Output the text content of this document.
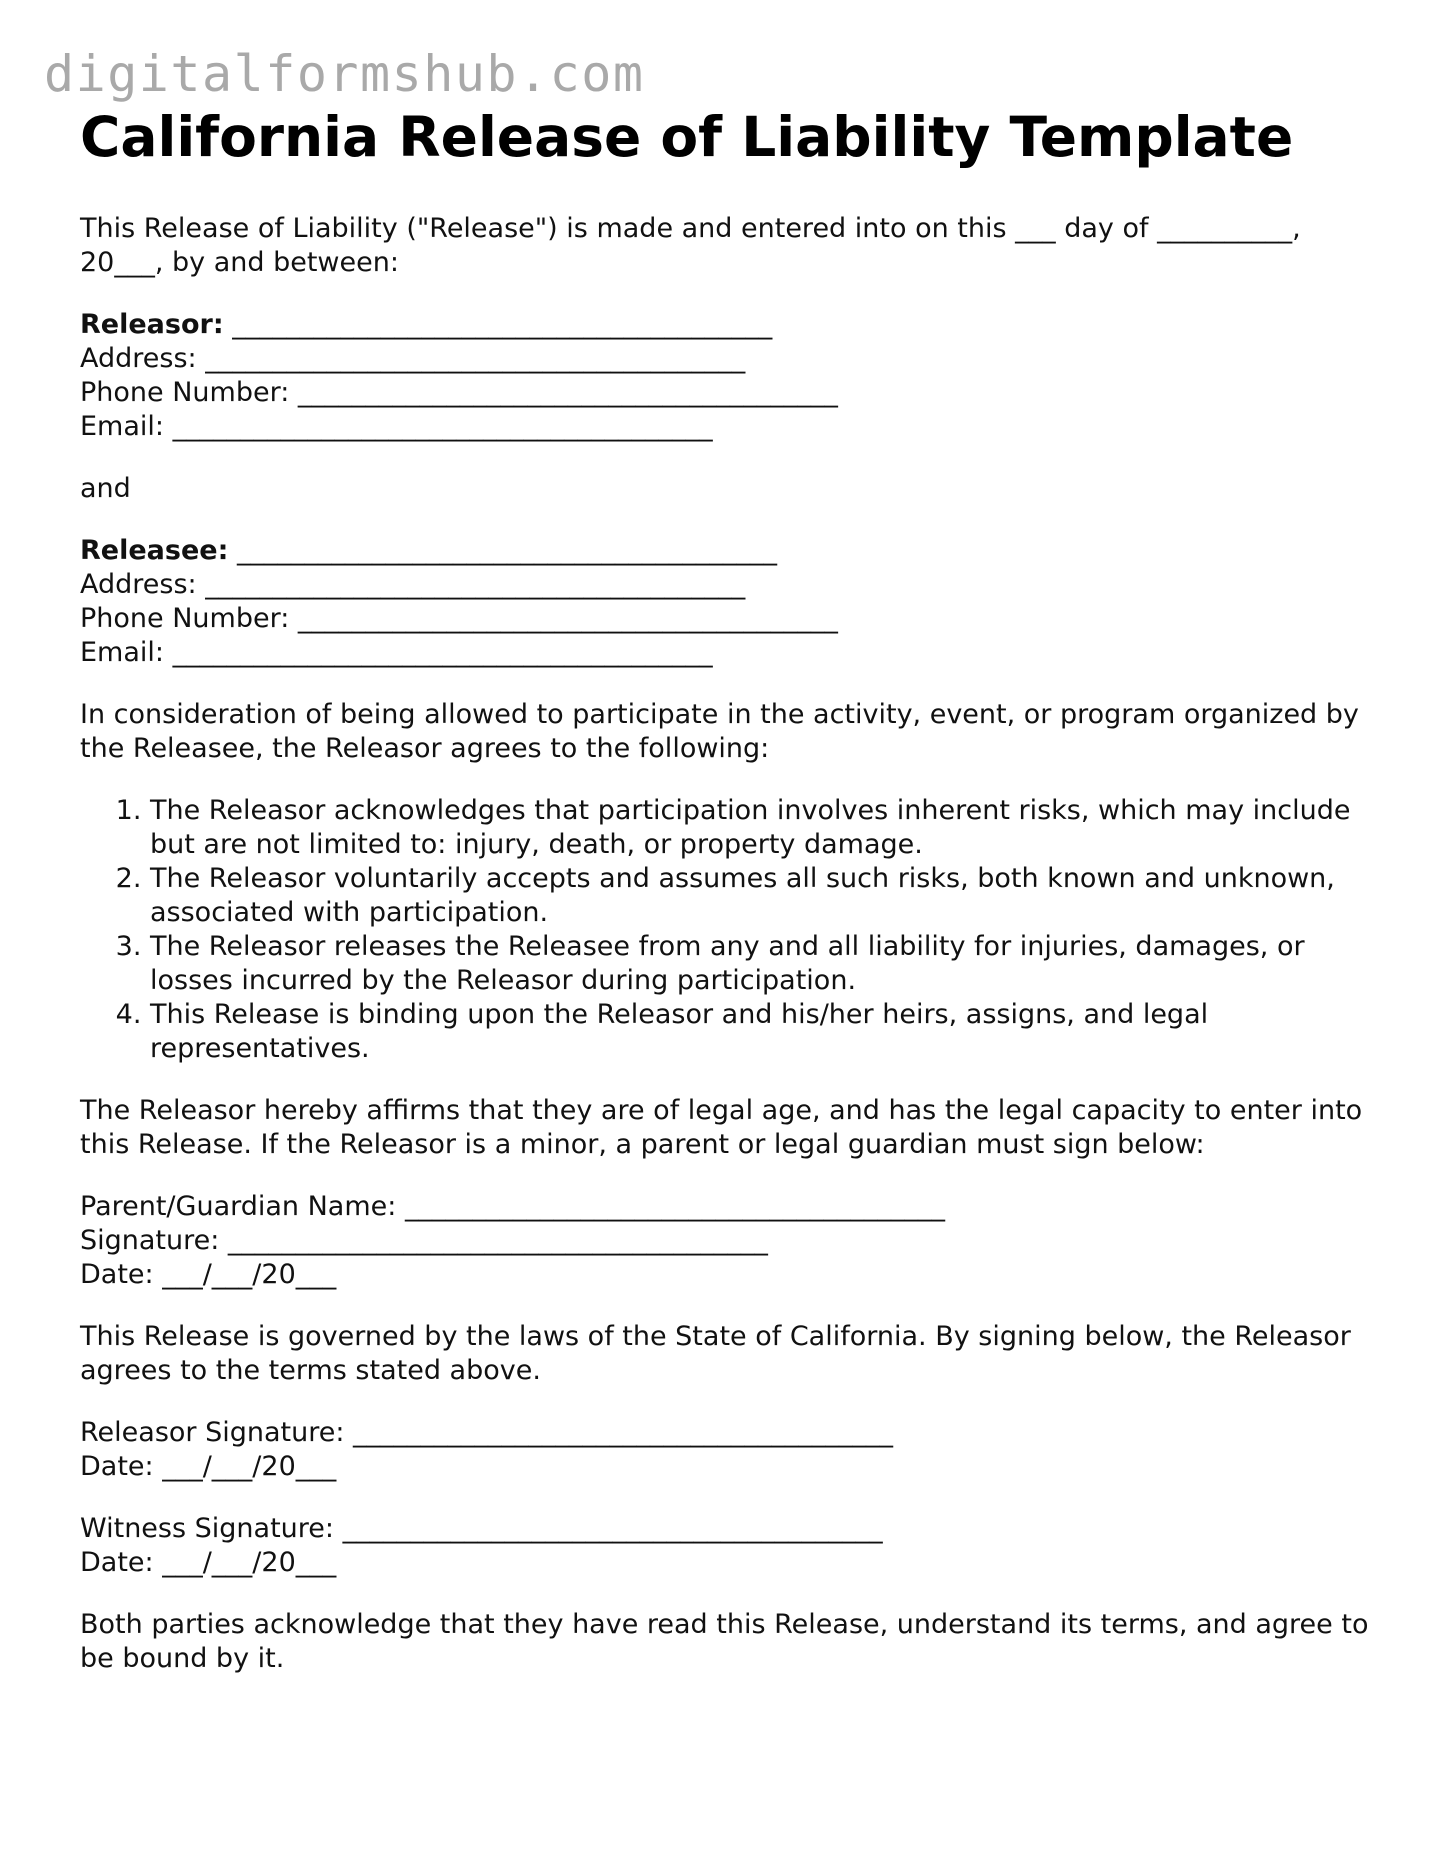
digitalformshub.com
California Release of Liability Template
This Release of Liability ("Release") is made and entered into on this ___ day of __________, 20___, by and between:
Releasor: ________________________________________
Address: ________________________________________
Phone Number: ________________________________________
Email: ________________________________________
and
Releasee: ________________________________________
Address: ________________________________________
Phone Number: ________________________________________
Email: ________________________________________
In consideration of being allowed to participate in the activity, event, or program organized by the Releasee, the Releasor agrees to the following:
1. The Releasor acknowledges that participation involves inherent risks, which may include but are not limited to: injury, death, or property damage.
2. The Releasor voluntarily accepts and assumes all such risks, both known and unknown, associated with participation.
3. The Releasor releases the Releasee from any and all liability for injuries, damages, or losses incurred by the Releasor during participation.
4. This Release is binding upon the Releasor and his/her heirs, assigns, and legal representatives.
The Releasor hereby affirms that they are of legal age, and has the legal capacity to enter into this Release. If the Releasor is a minor, a parent or legal guardian must sign below:
Parent/Guardian Name: ________________________________________
Signature: ________________________________________
Date: ___/___/20___
This Release is governed by the laws of the State of California. By signing below, the Releasor agrees to the terms stated above.
Releasor Signature: ________________________________________
Date: ___/___/20___
Witness Signature: ________________________________________
Date: ___/___/20___
Both parties acknowledge that they have read this Release, understand its terms, and agree to be bound by it.
